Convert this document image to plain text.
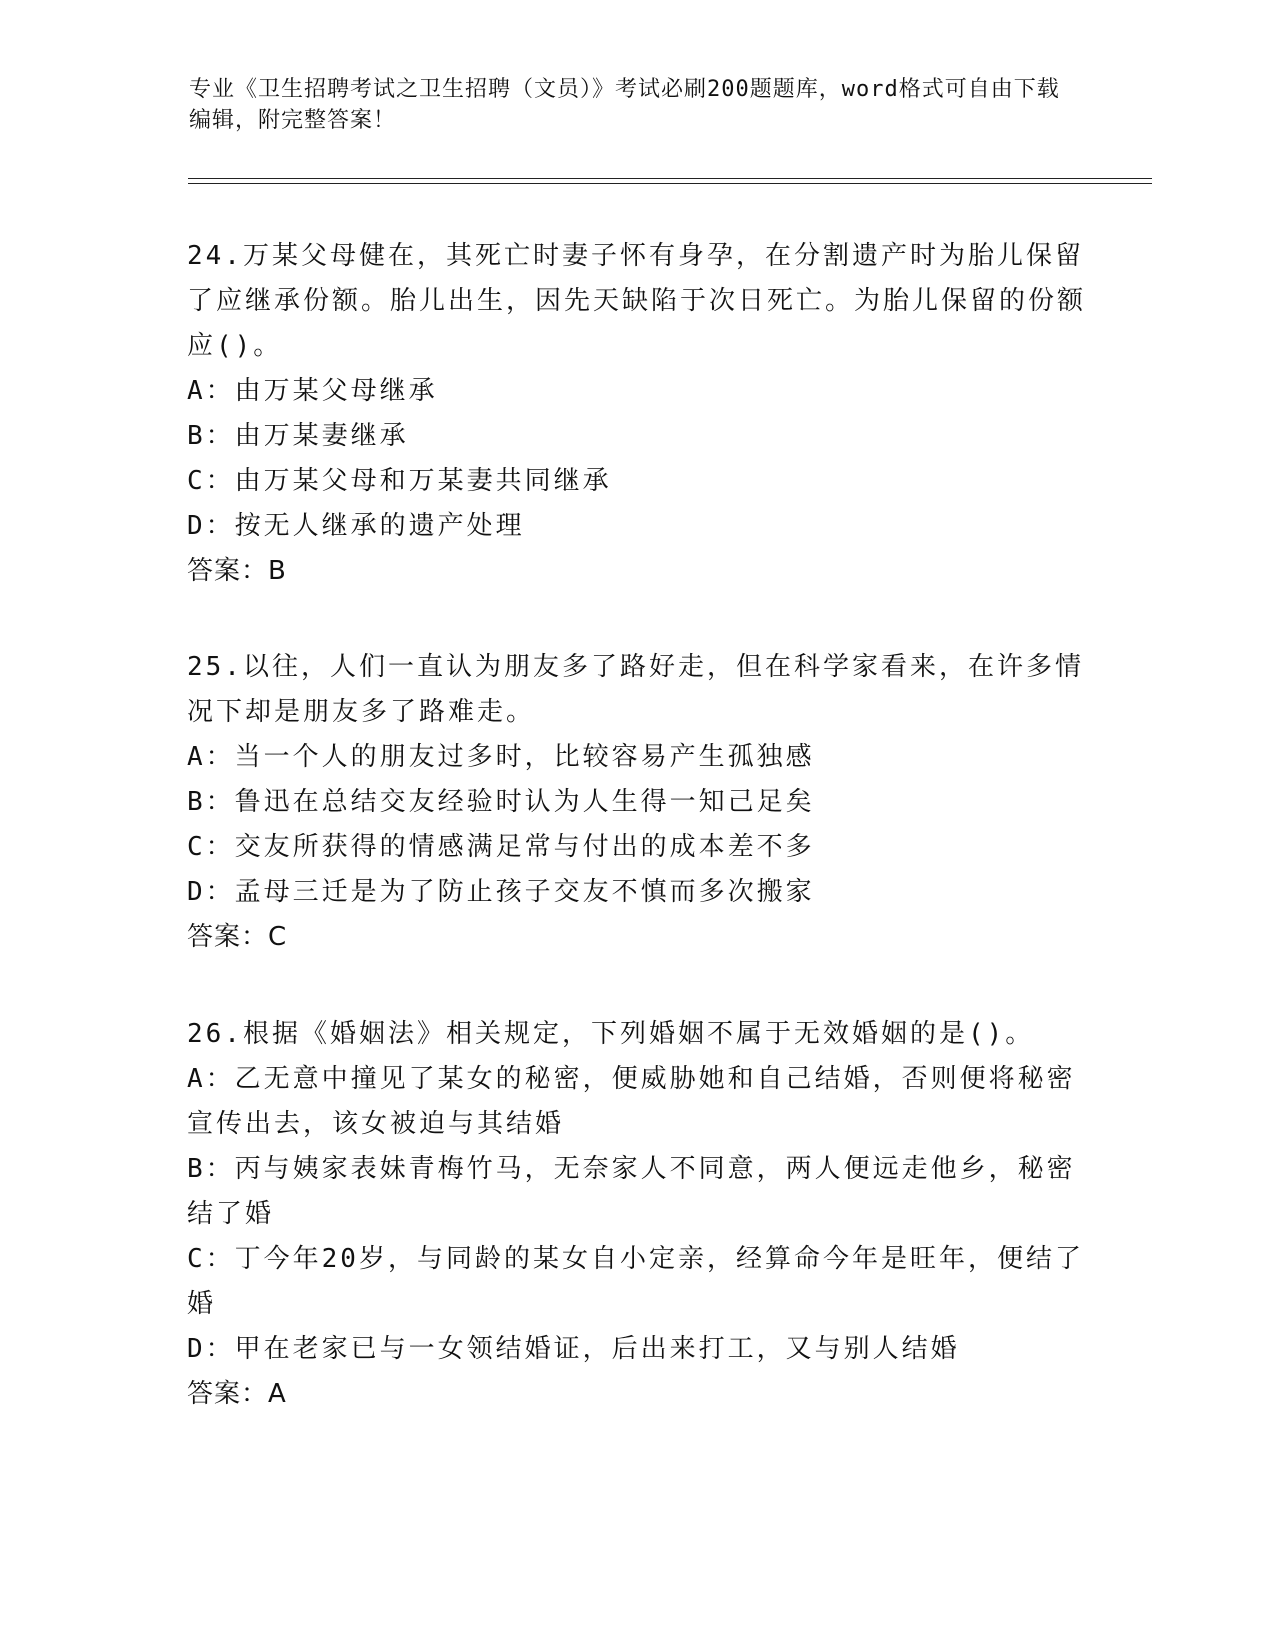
专业《卫生招聘考试之卫生招聘（文员）》考试必刷200题题库，word格式可自由下载编辑，附完整答案！
24.万某父母健在，其死亡时妻子怀有身孕，在分割遗产时为胎儿保留了应继承份额。胎儿出生，因先天缺陷于次日死亡。为胎儿保留的份额应()。
A：由万某父母继承
B：由万某妻继承
C：由万某父母和万某妻共同继承
D：按无人继承的遗产处理
答案：B
25.以往，人们一直认为朋友多了路好走，但在科学家看来，在许多情况下却是朋友多了路难走。
A：当一个人的朋友过多时，比较容易产生孤独感
B：鲁迅在总结交友经验时认为人生得一知己足矣
C：交友所获得的情感满足常与付出的成本差不多
D：孟母三迁是为了防止孩子交友不慎而多次搬家
答案：C
26.根据《婚姻法》相关规定，下列婚姻不属于无效婚姻的是()。
A：乙无意中撞见了某女的秘密，便威胁她和自己结婚，否则便将秘密宣传出去，该女被迫与其结婚
B：丙与姨家表妹青梅竹马，无奈家人不同意，两人便远走他乡，秘密结了婚
C：丁今年20岁，与同龄的某女自小定亲，经算命今年是旺年，便结了婚
D：甲在老家已与一女领结婚证，后出来打工，又与别人结婚
答案：A
